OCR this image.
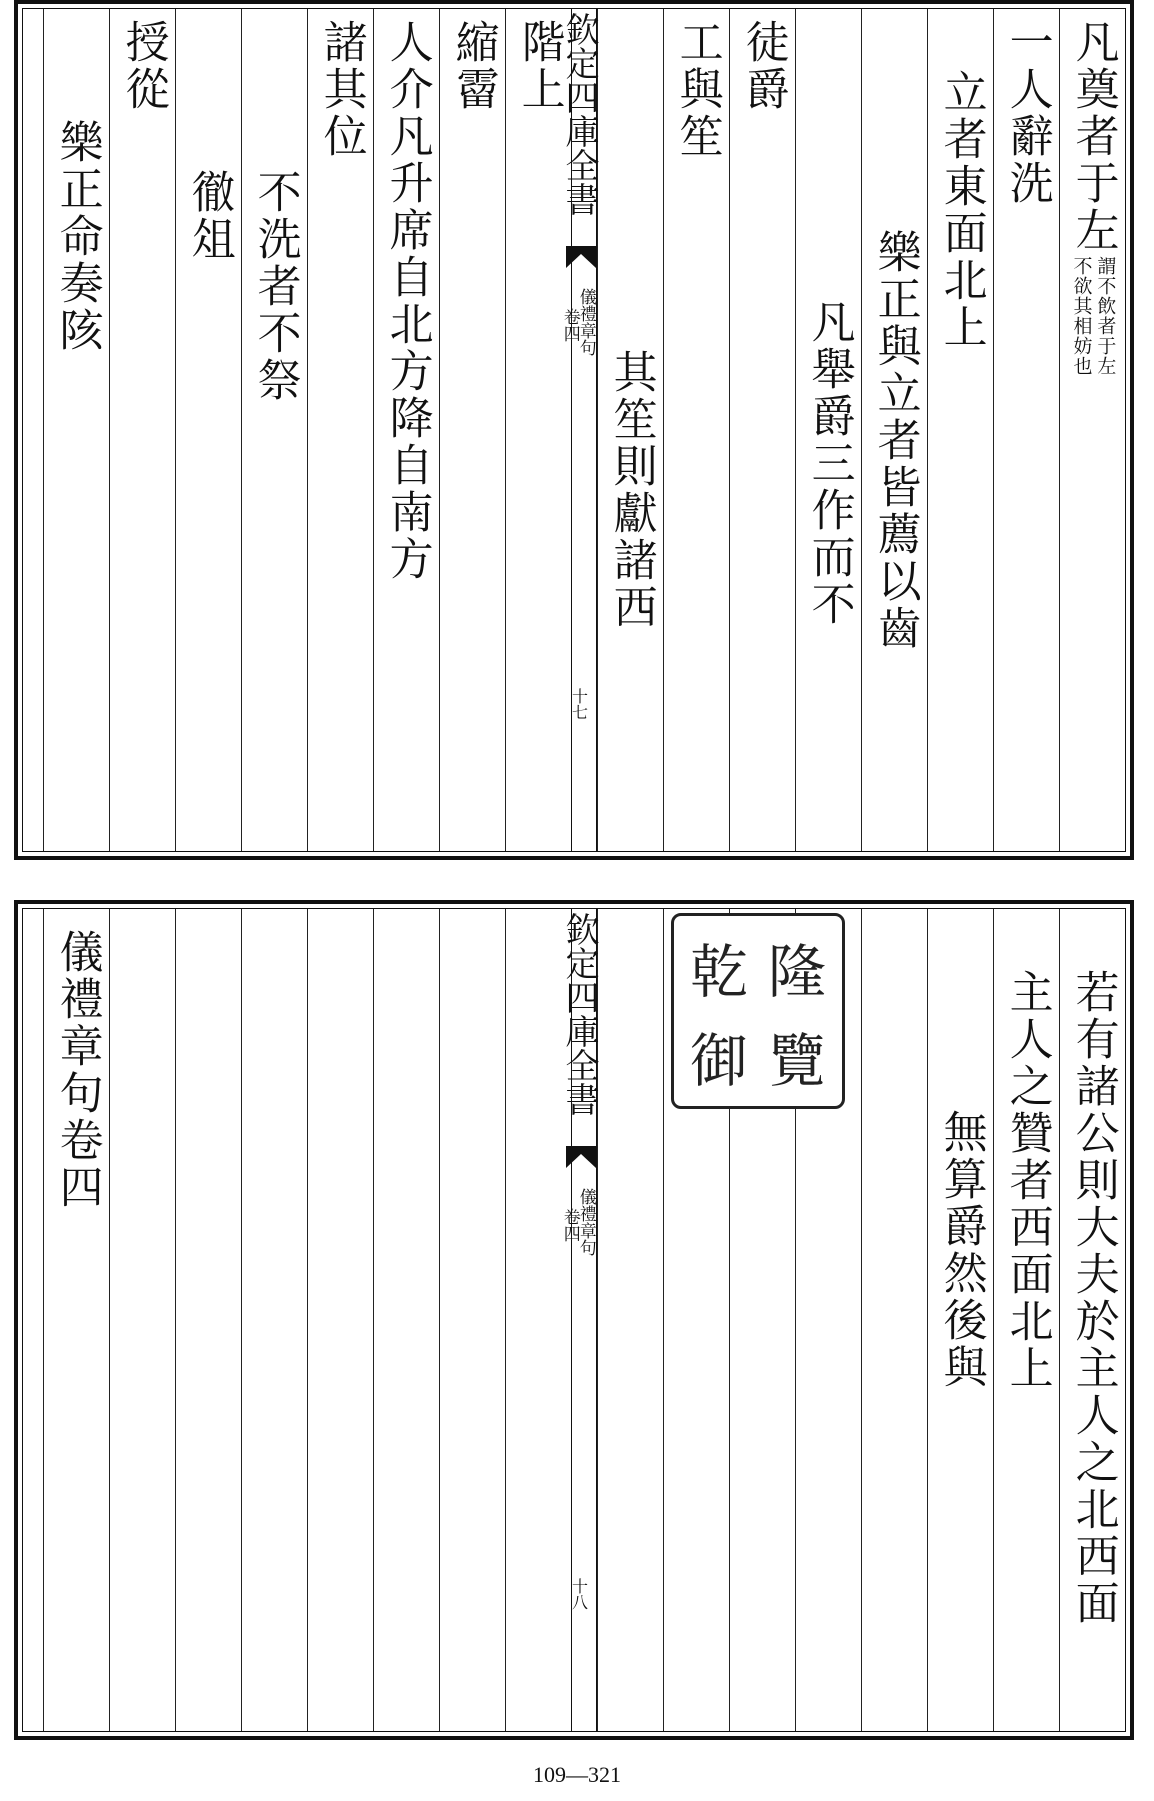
凡奠者于左
謂不飲者于左
不欲其相妨也
一人辭洗
立者東面北上
樂正與立者皆薦以齒
凡舉爵三作而不
徒爵
工與笙
其笙則獻諸西
階上
縮霤
人介凡升席自北方降自南方
諸其位
不洗者不祭
徹俎
授從
樂正命奏陔
欽定四庫全書
儀禮章句
卷四
十七
若有諸公則大夫於主人之北西面
主人之贊者西面北上
無算爵然後與
儀禮章句卷四	乾 隆
御 覽
欽定四庫全書
儀禮章句
卷四
十八
109—321
